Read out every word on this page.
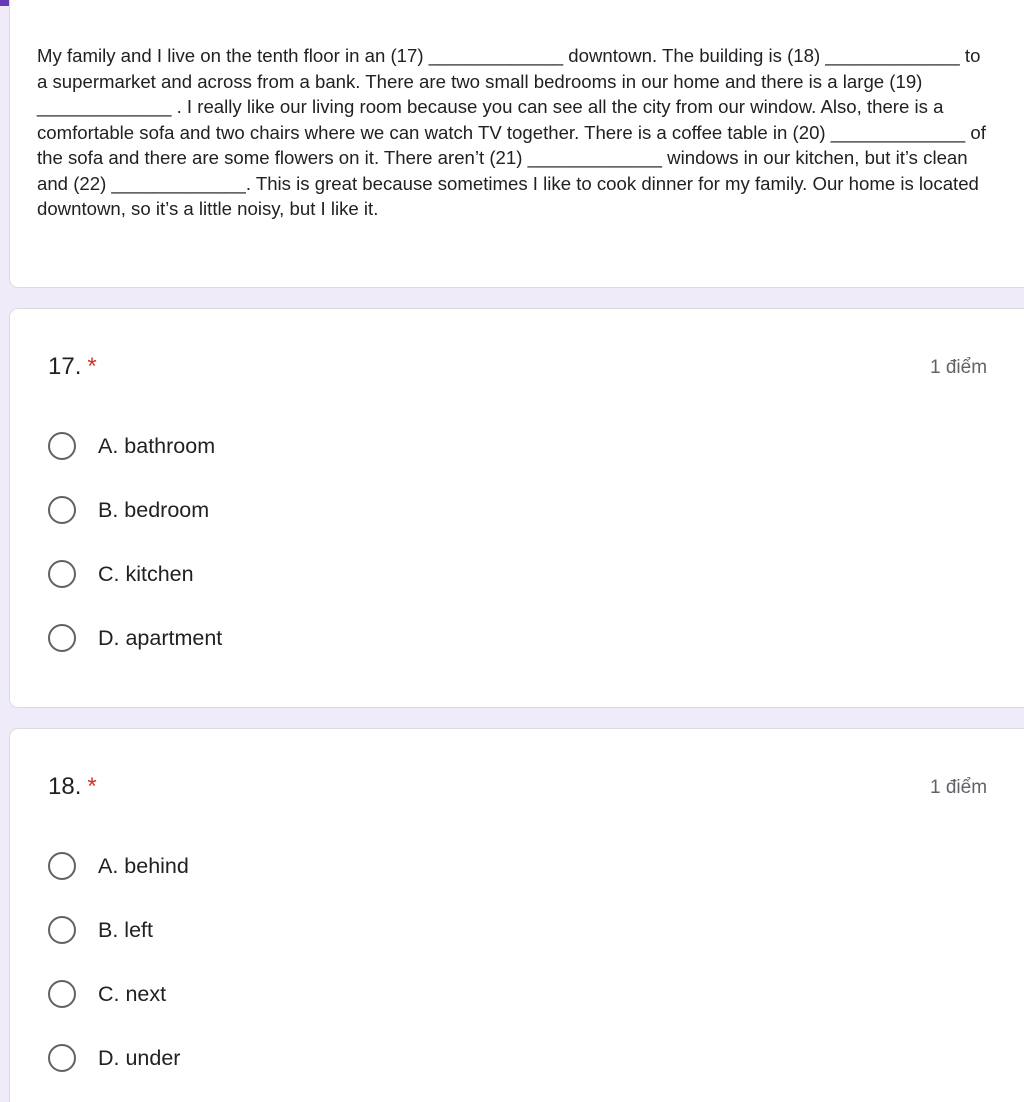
My family and I live on the tenth floor in an (17) _____________ downtown. The building is (18) _____________ to a supermarket and across from a bank. There are two small bedrooms in our home and there is a large (19) _____________ . I really like our living room because you can see all the city from our window. Also, there is a comfortable sofa and two chairs where we can watch TV together. There is a coffee table in (20) _____________ of the sofa and there are some flowers on it. There aren’t (21) _____________ windows in our kitchen, but it’s clean and (22) _____________. This is great because sometimes I like to cook dinner for my family. Our home is located downtown, so it’s a little noisy, but I like it.

17. *	1 điểm
A. bathroom
B. bedroom
C. kitchen
D. apartment
18. *	1 điểm
A. behind
B. left
C. next
D. under
